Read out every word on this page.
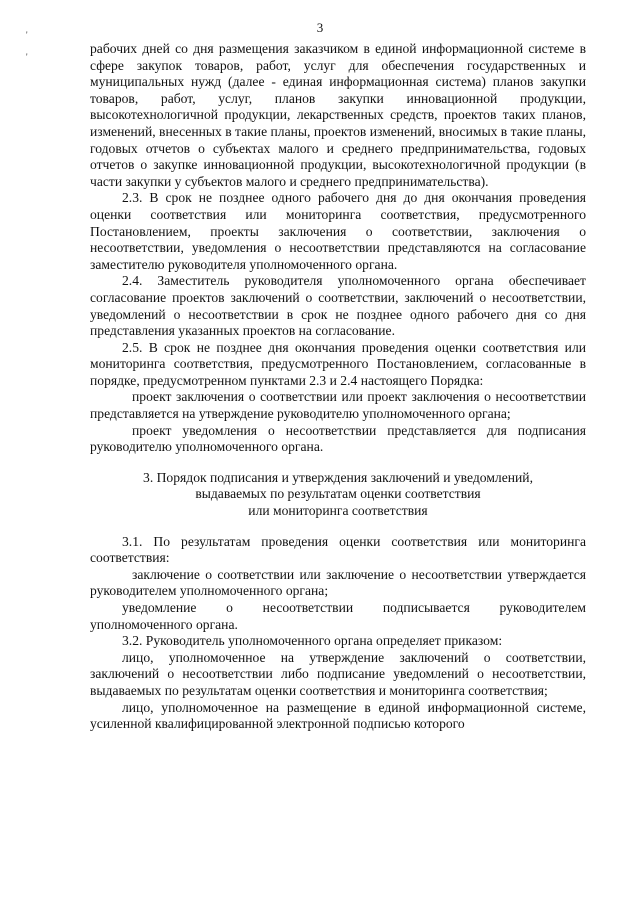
3
'
'

рабочих дней со дня размещения заказчиком в единой информационной системе в сфере закупок товаров, работ, услуг для обеспечения государственных и муниципальных нужд (далее - единая информационная система) планов закупки товаров, работ, услуг, планов закупки инновационной продукции, высокотехнологичной продукции, лекарственных средств, проектов таких планов, изменений, внесенных в такие планы, проектов изменений, вносимых в такие планы, годовых отчетов о субъектах малого и среднего предпринимательства, годовых отчетов о закупке инновационной продукции, высокотехнологичной продукции (в части закупки у субъектов малого и среднего предпринимательства).

2.3. В срок не позднее одного рабочего дня до дня окончания проведения оценки соответствия или мониторинга соответствия, предусмотренного Постановлением, проекты заключения о соответствии, заключения о несоответствии, уведомления о несоответствии представляются на согласование заместителю руководителя уполномоченного органа.

2.4. Заместитель руководителя уполномоченного органа обеспечивает согласование проектов заключений о соответствии, заключений о несоответствии, уведомлений о несоответствии в срок не позднее одного рабочего дня со дня представления указанных проектов на согласование.

2.5. В срок не позднее дня окончания проведения оценки соответствия или мониторинга соответствия, предусмотренного Постановлением, согласованные в порядке, предусмотренном пунктами 2.3 и 2.4 настоящего Порядка:

проект заключения о соответствии или проект заключения о несоответствии представляется на утверждение руководителю уполномоченного органа;

проект уведомления о несоответствии представляется для подписания руководителю уполномоченного органа.

3. Порядок подписания и утверждения заключений и уведомлений,
выдаваемых по результатам оценки соответствия
или мониторинга соответствия

3.1. По результатам проведения оценки соответствия или мониторинга соответствия:

заключение о соответствии или заключение о несоответствии утверждается руководителем уполномоченного органа;

уведомление о несоответствии подписывается руководителем уполномоченного органа.

3.2. Руководитель уполномоченного органа определяет приказом:

лицо, уполномоченное на утверждение заключений о соответствии, заключений о несоответствии либо подписание уведомлений о несоответствии, выдаваемых по результатам оценки соответствия и мониторинга соответствия;

лицо, уполномоченное на размещение в единой информационной системе, усиленной квалифицированной электронной подписью которого
